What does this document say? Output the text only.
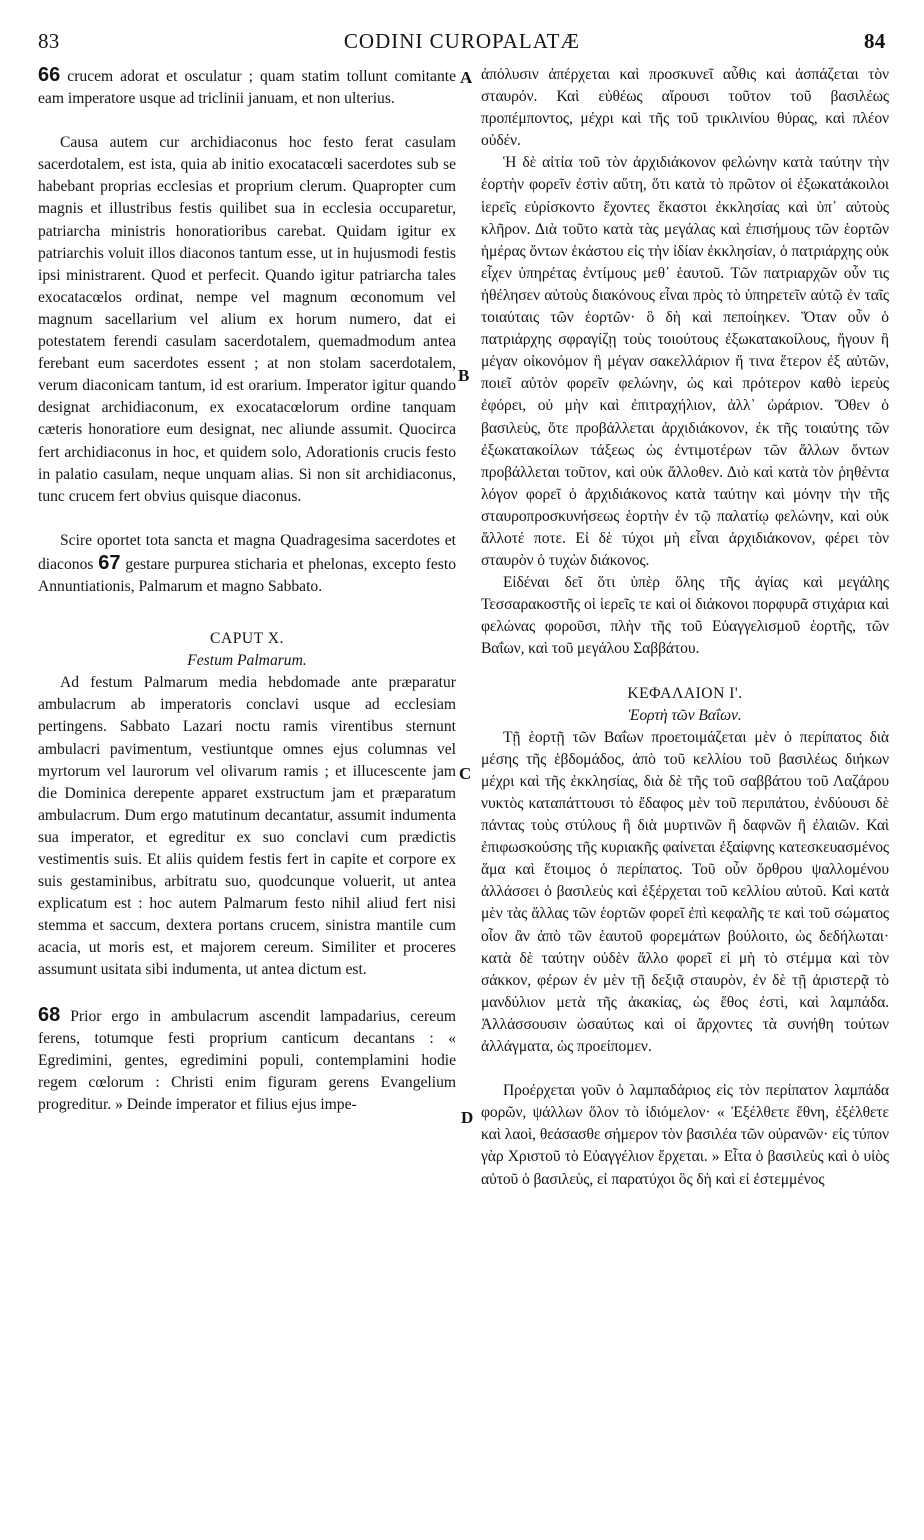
83	CODINI CUROPALATÆ	84
A
B
C
D

66 crucem adorat et osculatur ; quam statim tollunt comitante eam imperatore usque ad triclinii januam, et non ulterius.

Causa autem cur archidiaconus hoc festo ferat casulam sacerdotalem, est ista, quia ab initio exocatacœli sacerdotes sub se habebant proprias ecclesias et proprium clerum. Quapropter cum magnis et illustribus festis quilibet sua in ecclesia occuparetur, patriarcha ministris honoratioribus carebat. Quidam igitur ex patriarchis voluit illos diaconos tantum esse, ut in hujusmodi festis ipsi ministrarent. Quod et perfecit. Quando igitur patriarcha tales exocatacœlos ordinat, nempe vel magnum œconomum vel magnum sacellarium vel alium ex horum numero, dat ei potestatem ferendi casulam sacerdotalem, quemadmodum antea ferebant eum sacerdotes essent ; at non stolam sacerdotalem, verum diaconicam tantum, id est orarium. Imperator igitur quando designat archidiaconum, ex exocatacœlorum ordine tanquam cæteris honoratiore eum designat, nec aliunde assumit. Quocirca fert archidiaconus in hoc, et quidem solo, Adorationis crucis festo in palatio casulam, neque unquam alias. Si non sit archidiaconus, tunc crucem fert obvius quisque diaconus.

Scire oportet tota sancta et magna Quadragesima sacerdotes et diaconos 67 gestare purpurea sticharia et phelonas, excepto festo Annuntiationis, Palmarum et magno Sabbato.

CAPUT X.

Festum Palmarum.

Ad festum Palmarum media hebdomade ante præparatur ambulacrum ab imperatoris conclavi usque ad ecclesiam pertingens. Sabbato Lazari noctu ramis virentibus sternunt ambulacri pavimentum, vestiuntque omnes ejus columnas vel myrtorum vel laurorum vel olivarum ramis ; et illucescente jam die Dominica derepente apparet exstructum jam et præparatum ambulacrum. Dum ergo matutinum decantatur, assumit indumenta sua imperator, et egreditur ex suo conclavi cum prædictis vestimentis suis. Et aliis quidem festis fert in capite et corpore ex suis gestaminibus, arbitratu suo, quodcunque voluerit, ut antea explicatum est : hoc autem Palmarum festo nihil aliud fert nisi stemma et saccum, dextera portans crucem, sinistra mantile cum acacia, ut moris est, et majorem cereum. Similiter et proceres assumunt usitata sibi indumenta, ut antea dictum est.

68 Prior ergo in ambulacrum ascendit lampadarius, cereum ferens, totumque festi proprium canticum decantans : « Egredimini, gentes, egredimini populi, contemplamini hodie regem cœlorum : Christi enim figuram gerens Evangelium progreditur. » Deinde imperator et filius ejus impe-

ἀπόλυσιν ἀπέρχεται καὶ προσκυνεῖ αὖθις καὶ ἀσπάζεται τὸν σταυρόν. Καὶ εὐθέως αἴρουσι τοῦτον τοῦ βασιλέως προπέμποντος, μέχρι καὶ τῆς τοῦ τρικλινίου θύρας, καὶ πλέον οὐδέν.

Ἡ δὲ αἰτία τοῦ τὸν ἀρχιδιάκονον φελώνην κατὰ ταύτην τὴν ἑορτὴν φορεῖν ἐστὶν αὕτη, ὅτι κατὰ τὸ πρῶτον οἱ ἐξωκατάκοιλοι ἱερεῖς εὑρίσκοντο ἔχοντες ἕκαστοι ἐκκλησίας καὶ ὑπ᾽ αὐτοὺς κλῆρον. Διὰ τοῦτο κατὰ τὰς μεγάλας καὶ ἐπισήμους τῶν ἑορτῶν ἡμέρας ὄντων ἑκάστου εἰς τὴν ἰδίαν ἐκκλησίαν, ὁ πατριάρχης οὐκ εἶχεν ὑπηρέτας ἐντίμους μεθ᾽ ἑαυτοῦ. Τῶν πατριαρχῶν οὖν τις ἠθέλησεν αὐτοὺς διακόνους εἶναι πρὸς τὸ ὑπηρετεῖν αὐτῷ ἐν ταῖς τοιαύταις τῶν ἑορτῶν· ὃ δὴ καὶ πεποίηκεν. Ὅταν οὖν ὁ πατριάρχης σφραγίζῃ τοὺς τοιούτους ἐξωκατακοίλους, ἤγουν ἢ μέγαν οἰκονόμον ἢ μέγαν σακελλάριον ἤ τινα ἕτερον ἐξ αὐτῶν, ποιεῖ αὐτὸν φορεῖν φελώνην, ὡς καὶ πρότερον καθὸ ἱερεὺς ἐφόρει, οὐ μὴν καὶ ἐπιτραχήλιον, ἀλλ᾽ ὠράριον. Ὅθεν ὁ βασιλεὺς, ὅτε προβάλλεται ἀρχιδιάκονον, ἐκ τῆς τοιαύτης τῶν ἐξωκατακοίλων τάξεως ὡς ἐντιμοτέρων τῶν ἄλλων ὄντων προβάλλεται τοῦτον, καὶ οὐκ ἄλλοθεν. Διὸ καὶ κατὰ τὸν ῥηθέντα λόγον φορεῖ ὁ ἀρχιδιάκονος κατὰ ταύτην καὶ μόνην τὴν τῆς σταυροπροσκυνήσεως ἑορτὴν ἐν τῷ παλατίῳ φελώνην, καὶ οὐκ ἄλλοτέ ποτε. Εἰ δὲ τύχοι μὴ εἶναι ἀρχιδιάκονον, φέρει τὸν σταυρὸν ὁ τυχὼν διάκονος.

Εἰδέναι δεῖ ὅτι ὑπὲρ ὅλης τῆς ἁγίας καὶ μεγάλης Τεσσαρακοστῆς οἱ ἱερεῖς τε καὶ οἱ διάκονοι πορφυρᾶ στιχάρια καὶ φελώνας φοροῦσι, πλὴν τῆς τοῦ Εὐαγγελισμοῦ ἑορτῆς, τῶν Βαΐων, καὶ τοῦ μεγάλου Σαββάτου.

ΚΕΦΑΛΑΙΟΝ Ι'.

Ἑορτὴ τῶν Βαΐων.

Τῇ ἑορτῇ τῶν Βαΐων προετοιμάζεται μὲν ὁ περίπατος διὰ μέσης τῆς ἑβδομάδος, ἀπὸ τοῦ κελλίου τοῦ βασιλέως διήκων μέχρι καὶ τῆς ἐκκλησίας, διὰ δὲ τῆς τοῦ σαββάτου τοῦ Λαζάρου νυκτὸς καταπάττουσι τὸ ἔδαφος μὲν τοῦ περιπάτου, ἐνδύουσι δὲ πάντας τοὺς στύλους ἢ διὰ μυρτινῶν ἢ δαφνῶν ἢ ἐλαιῶν. Καὶ ἐπιφωσκούσης τῆς κυριακῆς φαίνεται ἐξαίφνης κατεσκευασμένος ἅμα καὶ ἕτοιμος ὁ περίπατος. Τοῦ οὖν ὄρθρου ψαλλομένου ἀλλάσσει ὁ βασιλεὺς καὶ ἐξέρχεται τοῦ κελλίου αὐτοῦ. Καὶ κατὰ μὲν τὰς ἄλλας τῶν ἑορτῶν φορεῖ ἐπὶ κεφαλῆς τε καὶ τοῦ σώματος οἷον ἂν ἀπὸ τῶν ἑαυτοῦ φορεμάτων βούλοιτο, ὡς δεδήλωται· κατὰ δὲ ταύτην οὐδὲν ἄλλο φορεῖ εἰ μὴ τὸ στέμμα καὶ τὸν σάκκον, φέρων ἐν μὲν τῇ δεξιᾷ σταυρὸν, ἐν δὲ τῇ ἀριστερᾷ τὸ μανδύλιον μετὰ τῆς ἀκακίας, ὡς ἔθος ἐστὶ, καὶ λαμπάδα. Ἀλλάσσουσιν ὡσαύτως καὶ οἱ ἄρχοντες τὰ συνήθη τούτων ἀλλάγματα, ὡς προείπομεν.

Προέρχεται γοῦν ὁ λαμπαδάριος εἰς τὸν περίπατον λαμπάδα φορῶν, ψάλλων ὅλον τὸ ἰδιόμελον· « Ἐξέλθετε ἔθνη, ἐξέλθετε καὶ λαοὶ, θεάσασθε σήμερον τὸν βασιλέα τῶν οὐρανῶν· εἰς τύπον γὰρ Χριστοῦ τὸ Εὐαγγέλιον ἔρχεται. » Εἶτα ὁ βασιλεὺς καὶ ὁ υἱὸς αὐτοῦ ὁ βασιλεὺς, εἰ παρατύχοι ὃς δὴ καὶ εἰ ἐστεμμένος
